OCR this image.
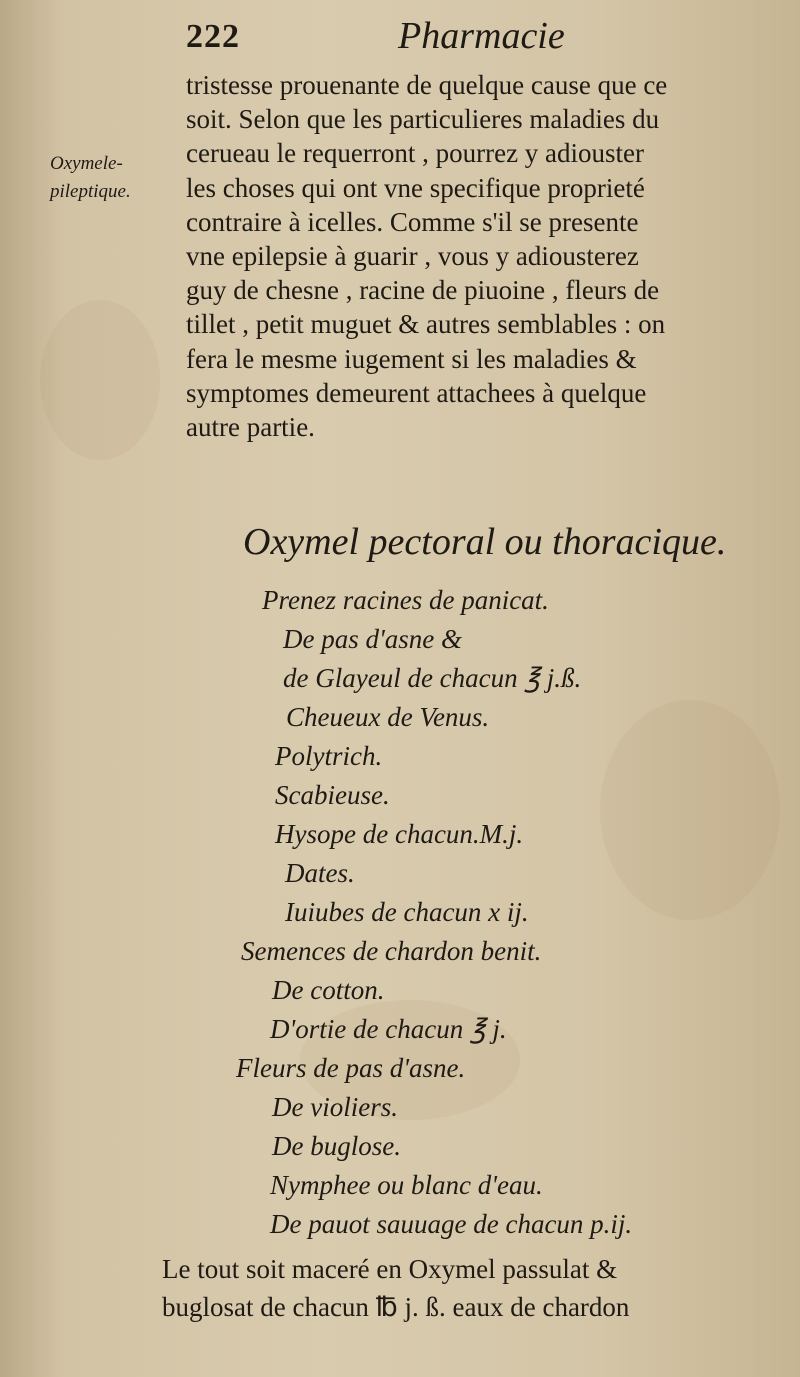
222	Pharmacie
Oxymele-
pileptique.
tristesse prouenante de quelque cause que ce
soit. Selon que les particulieres maladies du
cerueau le requerront , pourrez y adiouster
les choses qui ont vne specifique proprieté
contraire à icelles. Comme s'il se presente
vne epilepsie à guarir , vous y adiousterez
guy de chesne , racine de piuoine , fleurs de
tillet , petit muguet & autres semblables : on
fera le mesme iugement si les maladies &
symptomes demeurent attachees à quelque
autre partie.
Oxymel pectoral ou thoracique.
Prenez racines de panicat.
De pas d'asne &
de Glayeul de chacun ℥ j.ß.
Cheueux de Venus.
Polytrich.
Scabieuse.
Hysope de chacun.M.j.
Dates.
Iuiubes de chacun x ij.
Semences de chardon benit.
De cotton.
D'ortie de chacun ℥ j.
Fleurs de pas d'asne.
De violiers.
De buglose.
Nymphee ou blanc d'eau.
De pauot sauuage de chacun p.ij.
Le tout soit maceré en Oxymel passulat &
buglosat de chacun ℔ j. ß. eaux de chardon
